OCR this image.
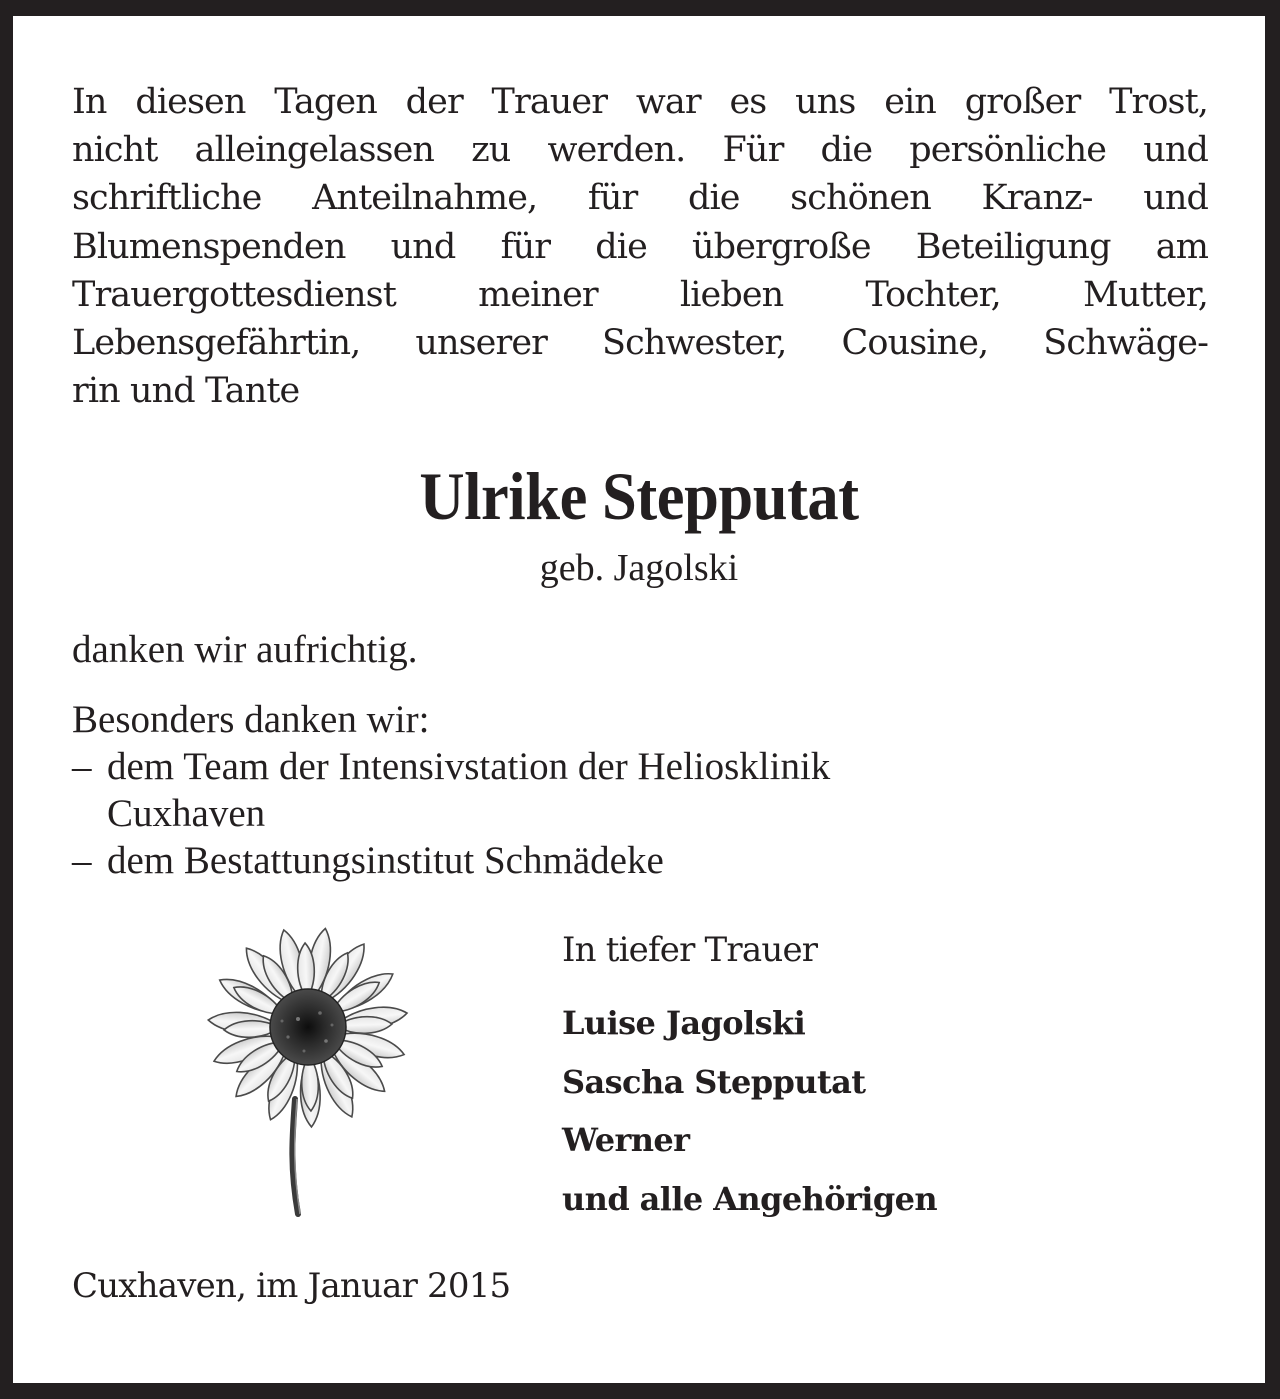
In diesen Tagen der Trauer war es uns ein großer Trost,
nicht alleingelassen zu werden. Für die persönliche und
schriftliche Anteilnahme, für die schönen Kranz- und
Blumenspenden und für die übergroße Beteiligung am
Trauergottesdienst meiner lieben Tochter, Mutter,
Lebensgefährtin, unserer Schwester, Cousine, Schwäge-
rin und Tante
Ulrike Stepputat
geb. Jagolski
danken wir aufrichtig.
Besonders danken wir:
– dem Team der Intensivstation der Heliosklinik
Cuxhaven
– dem Bestattungsinstitut Schmädeke
In tiefer Trauer
Luise Jagolski
Sascha Stepputat
Werner
und alle Angehörigen
Cuxhaven, im Januar 2015
